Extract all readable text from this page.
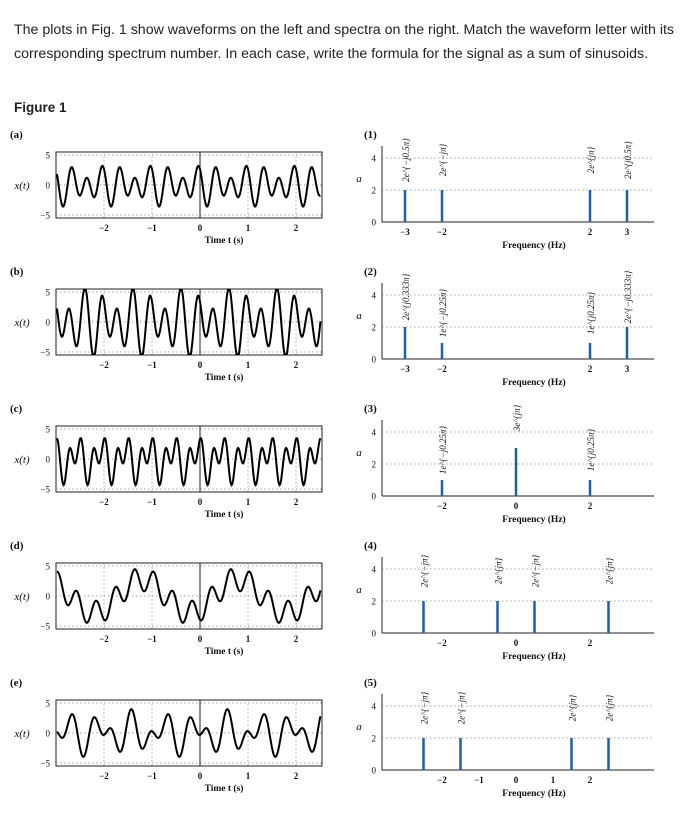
The plots in Fig. 1 show waveforms on the left and spectra on the right. Match the waveform letter with its corresponding spectrum number. In each case, write the formula for the signal as a sum of sinusoids.

Figure 1

(a)
x(t)
5
0
−5
−2	−1	0	1	2
Time t (s)
(b)
x(t)
5
0
−5
−2	−1	0	1	2
Time t (s)
(c)
x(t)
5
0
−5
−2	−1	0	1	2
Time t (s)
(d)
x(t)
5
0
−5
−2	−1	0	1	2
Time t (s)
(e)
x(t)
5
0
−5
−2	−1	0	1	2
Time t (s)
(1)
a
4
2
0
−3	−2	2	3
Frequency (Hz)
2e^{−j0.5π}	2e^{−jπ}	2e^{jπ}	2e^{j0.5π}
(2)
a
4
2
0
−3	−2	2	3
Frequency (Hz)
2e^{j0.333π}	1e^{−j0.25π}	1e^{j0.25π}	2e^{−j0.333π}
(3)
a
4
2
0
−2	0	2
Frequency (Hz)
1e^{−j0.25π}
3e^{jπ}
1e^{j0.25π}
(4)
a
4
2
0
−2	0	2
Frequency (Hz)
2e^{−jπ}	2e^{jπ}	2e^{−jπ}	2e^{jπ}
(5)
a
4
2
0
−2	−1	0	1	2
Frequency (Hz)
2e^{−jπ}	2e^{−jπ}	2e^{jπ}	2e^{jπ}
